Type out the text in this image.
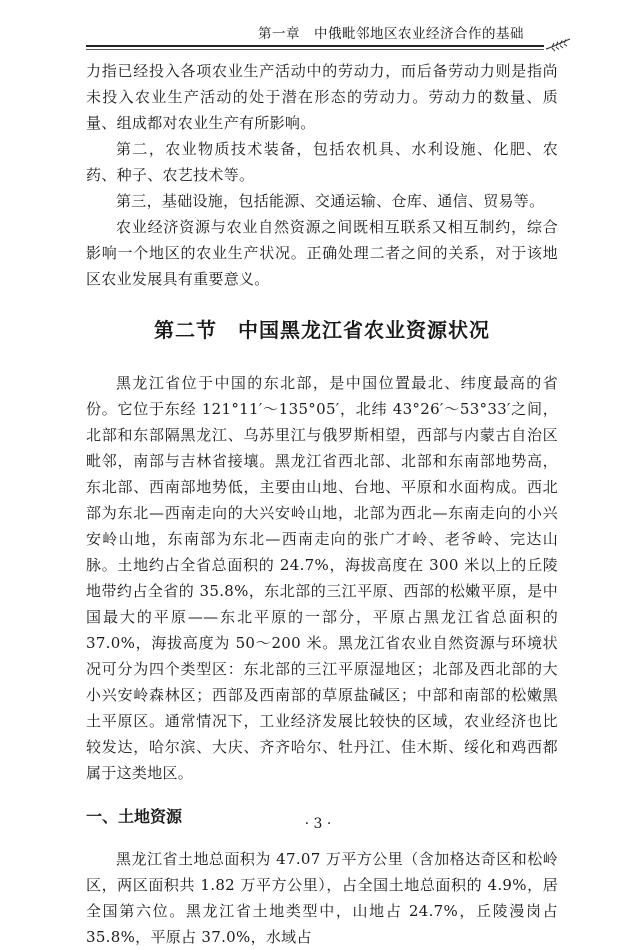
第一章　中俄毗邻地区农业经济合作的基础

力指已经投入各项农业生产活动中的劳动力，而后备劳动力则是指尚未投入农业生产活动的处于潜在形态的劳动力。劳动力的数量、质量、组成都对农业生产有所影响。

第二，农业物质技术装备，包括农机具、水利设施、化肥、农药、种子、农艺技术等。

第三，基础设施，包括能源、交通运输、仓库、通信、贸易等。

农业经济资源与农业自然资源之间既相互联系又相互制约，综合影响一个地区的农业生产状况。正确处理二者之间的关系，对于该地区农业发展具有重要意义。

第二节　中国黑龙江省农业资源状况

黑龙江省位于中国的东北部，是中国位置最北、纬度最高的省份。它位于东经 121°11′～135°05′，北纬 43°26′～53°33′之间，北部和东部隔黑龙江、乌苏里江与俄罗斯相望，西部与内蒙古自治区毗邻，南部与吉林省接壤。黑龙江省西北部、北部和东南部地势高，东北部、西南部地势低，主要由山地、台地、平原和水面构成。西北部为东北—西南走向的大兴安岭山地，北部为西北—东南走向的小兴安岭山地，东南部为东北—西南走向的张广才岭、老爷岭、完达山脉。土地约占全省总面积的 24.7%，海拔高度在 300 米以上的丘陵地带约占全省的 35.8%，东北部的三江平原、西部的松嫩平原，是中国最大的平原——东北平原的一部分，平原占黑龙江省总面积的 37.0%，海拔高度为 50～200 米。黑龙江省农业自然资源与环境状况可分为四个类型区：东北部的三江平原湿地区；北部及西北部的大小兴安岭森林区；西部及西南部的草原盐碱区；中部和南部的松嫩黑土平原区。通常情况下，工业经济发展比较快的区域，农业经济也比较发达，哈尔滨、大庆、齐齐哈尔、牡丹江、佳木斯、绥化和鸡西都属于这类地区。

一、土地资源

黑龙江省土地总面积为 47.07 万平方公里（含加格达奇区和松岭区，两区面积共 1.82 万平方公里），占全国土地总面积的 4.9%，居全国第六位。黑龙江省土地类型中，山地占 24.7%，丘陵漫岗占 35.8%，平原占 37.0%，水域占

· 3 ·
